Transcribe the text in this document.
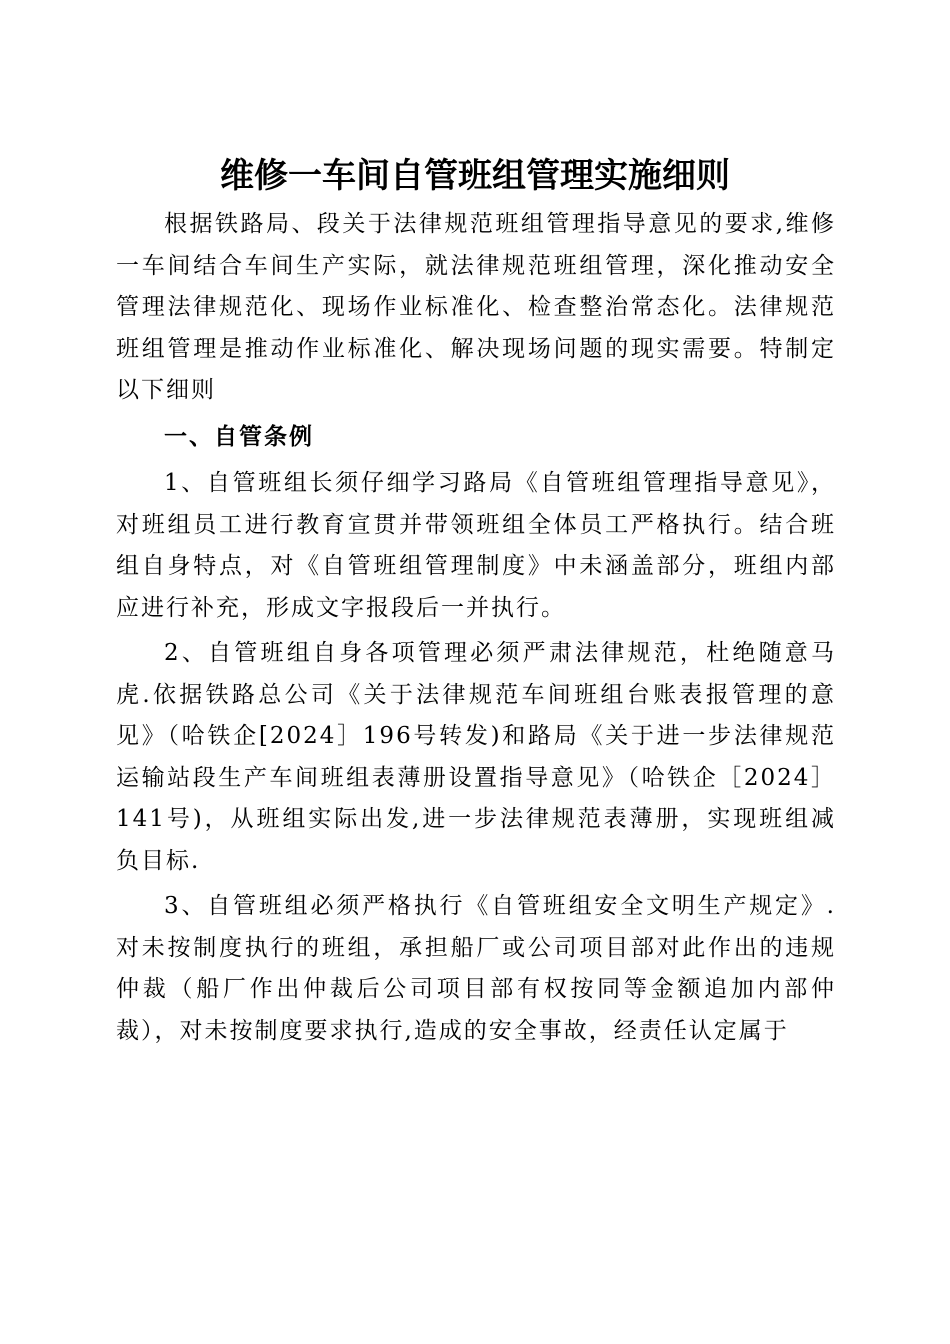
维修一车间自管班组管理实施细则

根据铁路局、段关于法律规范班组管理指导意见的要求,维修一车间结合车间生产实际，就法律规范班组管理，深化推动安全管理法律规范化、现场作业标准化、检查整治常态化。法律规范班组管理是推动作业标准化、解决现场问题的现实需要。特制定以下细则

一、自管条例

1、自管班组长须仔细学习路局《自管班组管理指导意见》，对班组员工进行教育宣贯并带领班组全体员工严格执行。结合班组自身特点，对《自管班组管理制度》中未涵盖部分，班组内部应进行补充，形成文字报段后一并执行。

2、自管班组自身各项管理必须严肃法律规范，杜绝随意马虎.依据铁路总公司《关于法律规范车间班组台账表报管理的意见》（哈铁企[2024］196号转发)和路局《关于进一步法律规范运输站段生产车间班组表薄册设置指导意见》（哈铁企［2024］141号)，从班组实际出发,进一步法律规范表薄册，实现班组减负目标.

3、自管班组必须严格执行《自管班组安全文明生产规定》.对未按制度执行的班组，承担船厂或公司项目部对此作出的违规仲裁（船厂作出仲裁后公司项目部有权按同等金额追加内部仲裁），对未按制度要求执行,造成的安全事故，经责任认定属于
